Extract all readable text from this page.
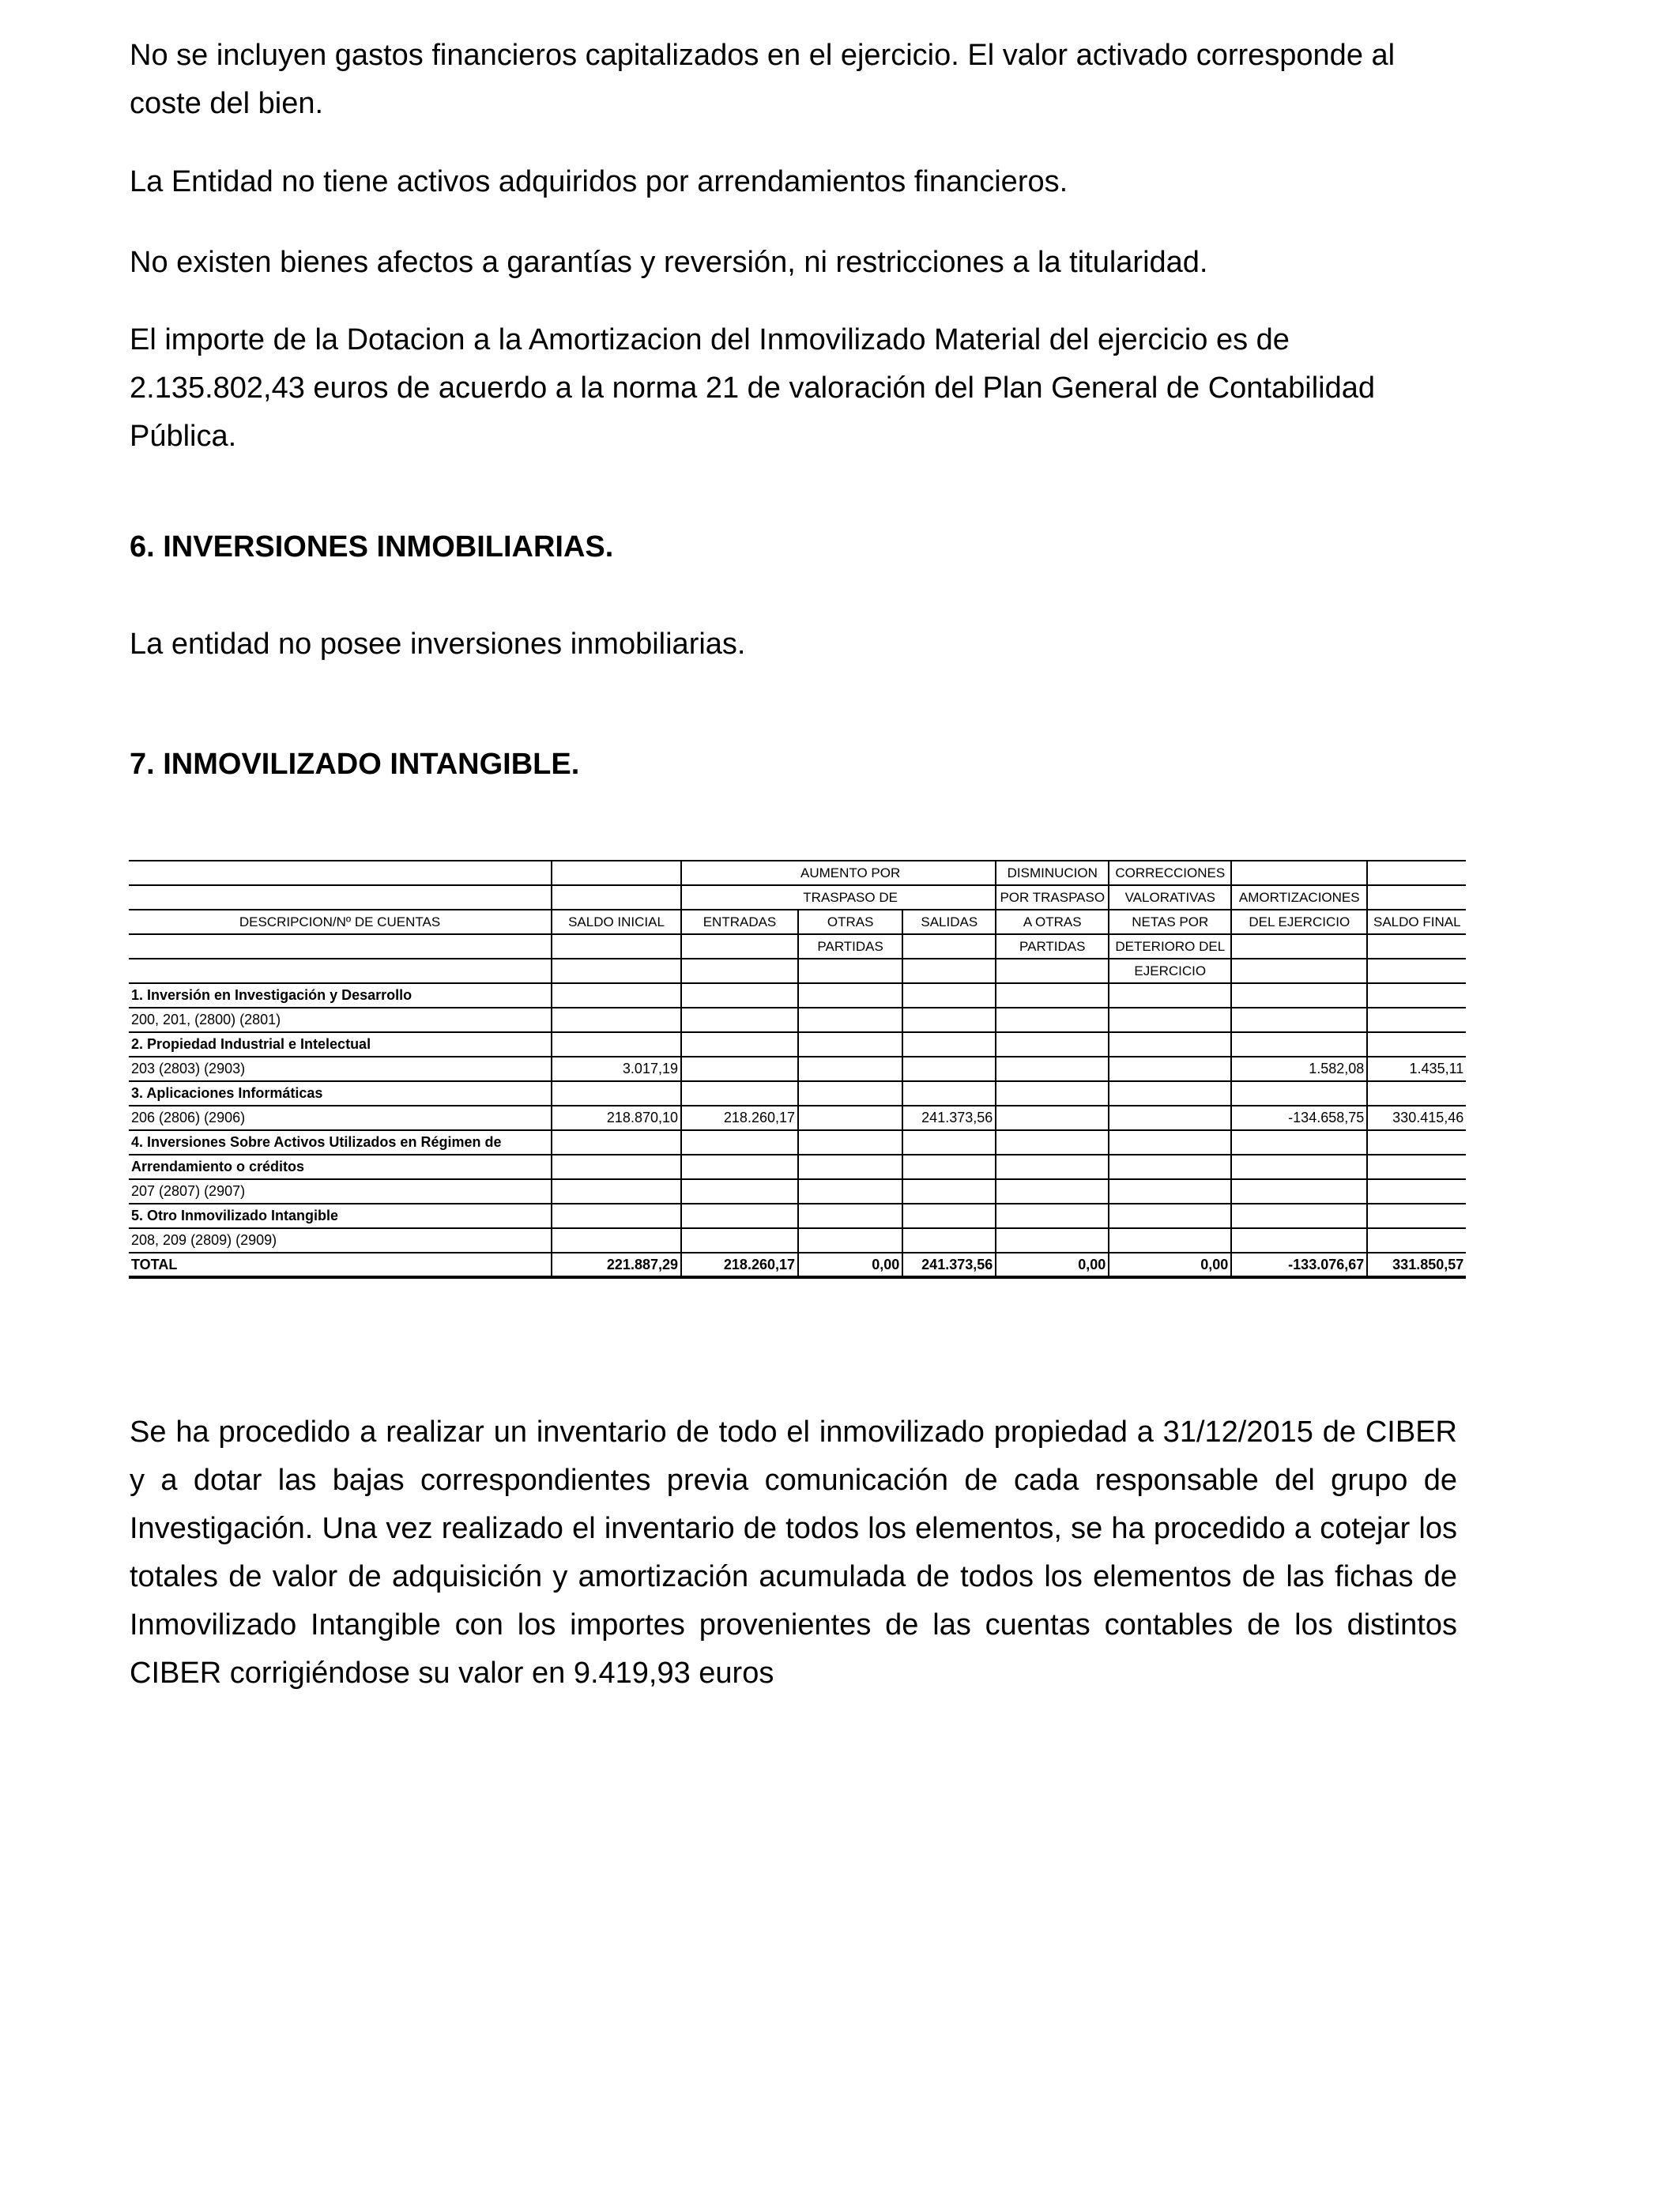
No se incluyen gastos financieros capitalizados en el ejercicio. El valor activado corresponde al coste del bien.

La Entidad no tiene activos adquiridos por arrendamientos financieros.

No existen bienes afectos a garantías y reversión, ni restricciones a la titularidad.

El importe de la Dotacion a la Amortizacion del Inmovilizado Material del ejercicio es de 2.135.802,43 euros de acuerdo a la norma 21 de valoración del Plan General de Contabilidad Pública.

6. INVERSIONES INMOBILIARIAS.

La entidad no posee inversiones inmobiliarias.

7. INMOVILIZADO INTANGIBLE.
			AUMENTO POR		DISMINUCION	CORRECCIONES		
			TRASPASO DE		POR TRASPASO	VALORATIVAS	AMORTIZACIONES	
DESCRIPCION/Nº DE CUENTAS	SALDO INICIAL	ENTRADAS	OTRAS	SALIDAS	A OTRAS	NETAS POR	DEL EJERCICIO	SALDO FINAL
			PARTIDAS		PARTIDAS	DETERIORO DEL		
						EJERCICIO		
1. Inversión en Investigación y Desarrollo								
200, 201, (2800) (2801)								
2. Propiedad Industrial e Intelectual								
203 (2803) (2903)	3.017,19						1.582,08	1.435,11
3. Aplicaciones Informáticas								
206 (2806) (2906)	218.870,10	218.260,17		241.373,56			-134.658,75	330.415,46
4. Inversiones Sobre Activos Utilizados en Régimen de								
Arrendamiento o créditos								
207 (2807) (2907)								
5. Otro Inmovilizado Intangible								
208, 209 (2809) (2909)								
TOTAL	221.887,29	218.260,17	0,00	241.373,56	0,00	0,00	-133.076,67	331.850,57

Se ha procedido a realizar un inventario de todo el inmovilizado propiedad a 31/12/2015 de CIBER y a dotar las bajas correspondientes previa comunicación de cada responsable del grupo de Investigación. Una vez realizado el inventario de todos los elementos, se ha procedido a cotejar los totales de valor de adquisición y amortización acumulada de todos los elementos de las fichas de Inmovilizado Intangible con los importes provenientes de las cuentas contables de los distintos CIBER corrigiéndose su valor en 9.419,93 euros
